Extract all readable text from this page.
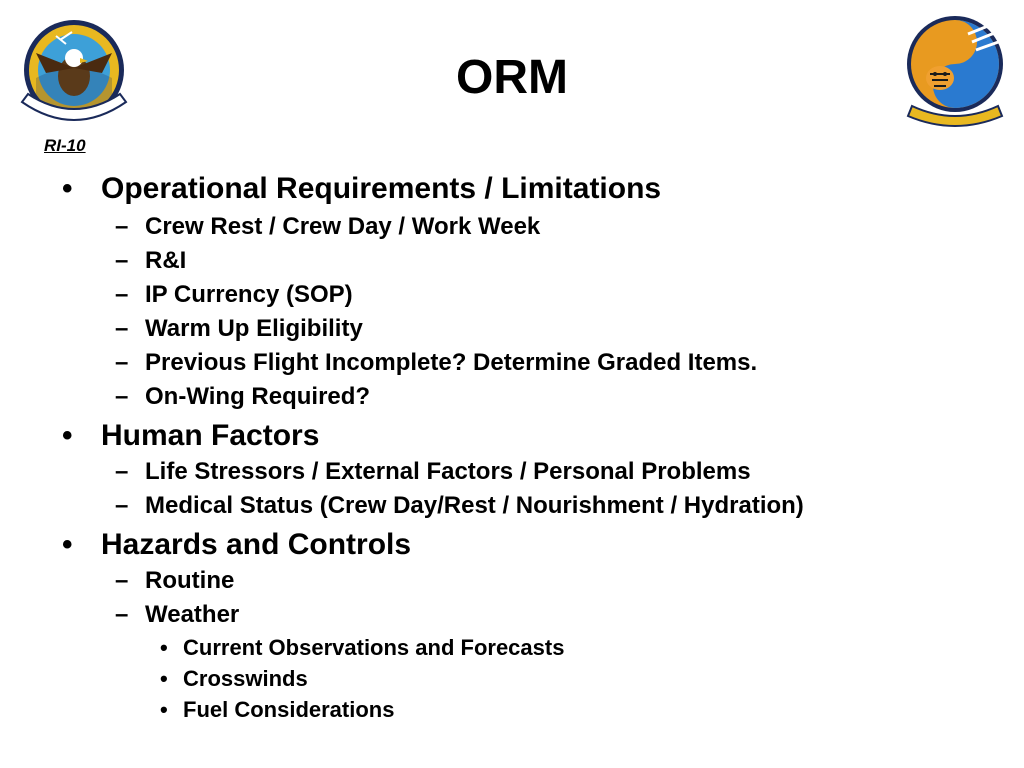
ORM
RI-10
• Operational Requirements / Limitations
– Crew Rest / Crew Day / Work Week
– R&I
– IP Currency (SOP)
– Warm Up Eligibility
– Previous Flight Incomplete? Determine Graded Items.
– On-Wing Required?
• Human Factors
– Life Stressors / External Factors / Personal Problems
– Medical Status (Crew Day/Rest / Nourishment / Hydration)
• Hazards and Controls
– Routine
– Weather
• Current Observations and Forecasts
• Crosswinds
• Fuel Considerations
